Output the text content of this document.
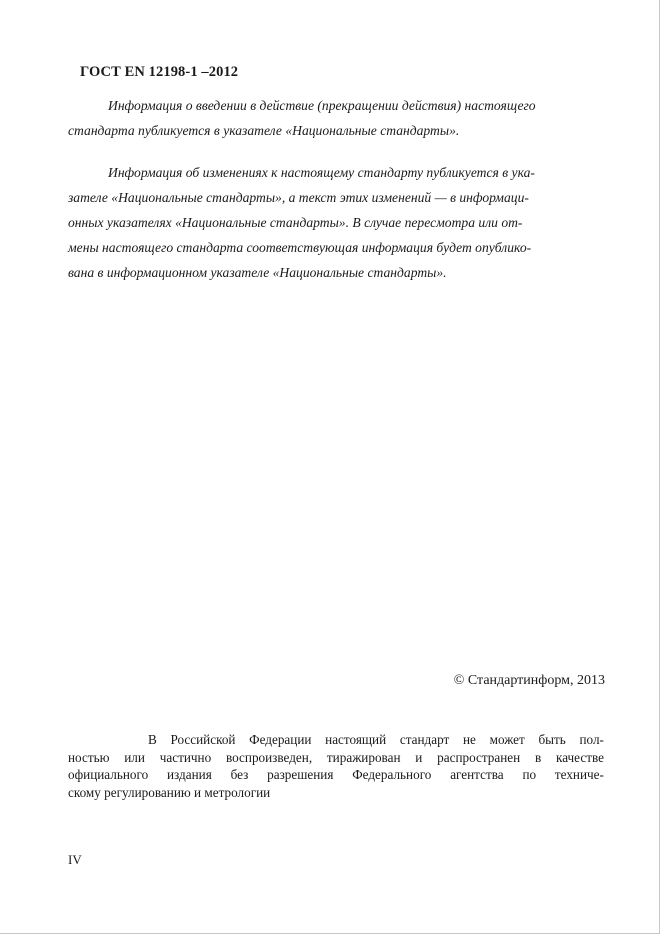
ГОСТ EN 12198-1 –2012
Информация о введении в действие (прекращении действия) настоящего
стандарта публикуется в указателе «Национальные стандарты».
Информация об изменениях к настоящему стандарту публикуется в ука-
зателе «Национальные стандарты», а текст этих изменений — в информаци-
онных указателях «Национальные стандарты». В случае пересмотра или от-
мены настоящего стандарта соответствующая информация будет опублико-
вана в информационном указателе «Национальные стандарты».
© Стандартинформ, 2013
В Российской Федерации настоящий стандарт не может быть пол-
ностью или частично воспроизведен, тиражирован и распространен в качестве
официального издания без разрешения Федерального агентства по техниче-
скому регулированию и метрологии
IV
